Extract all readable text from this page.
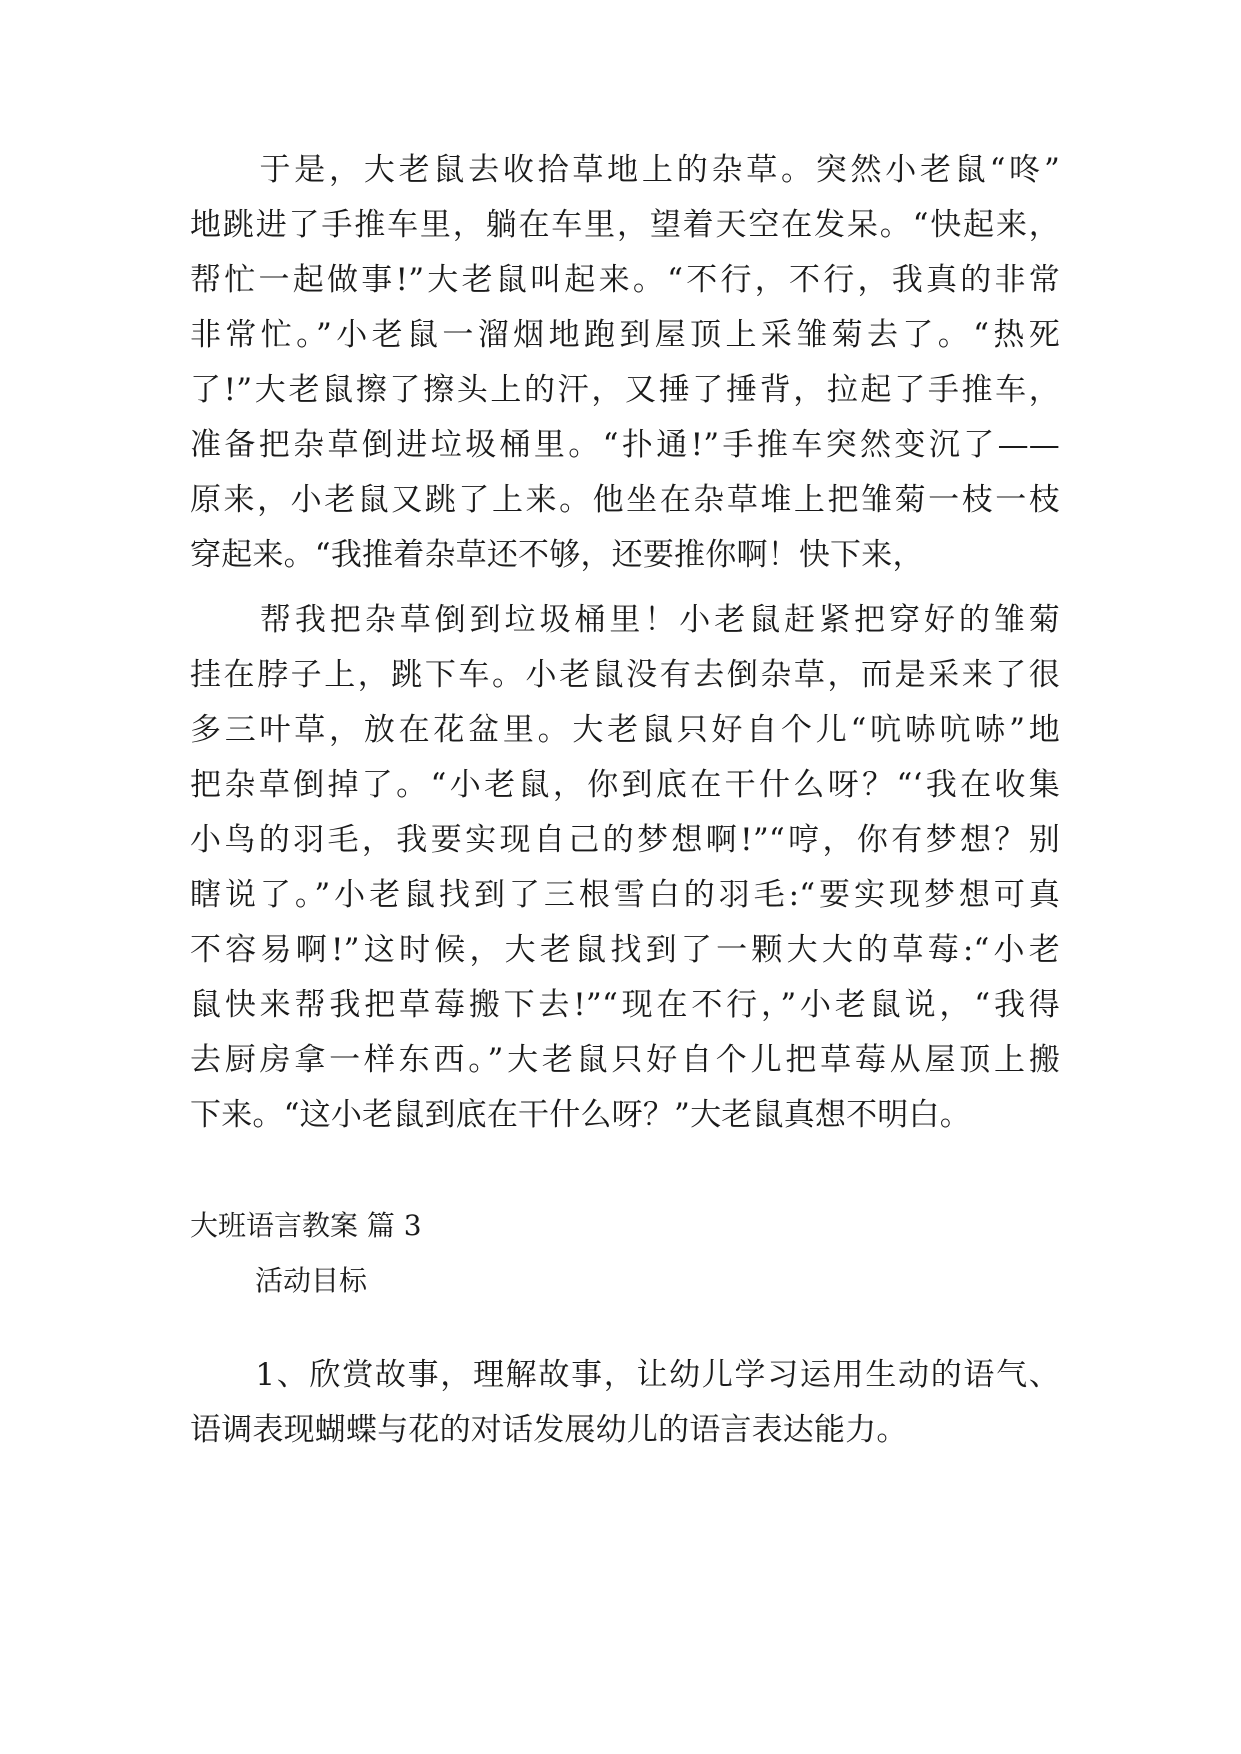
　　于是，大老鼠去收拾草地上的杂草。突然小老鼠“咚”
地跳进了手推车里，躺在车里，望着天空在发呆。“快起来，
帮忙一起做事!”大老鼠叫起来。“不行，不行，我真的非常
非常忙。”小老鼠一溜烟地跑到屋顶上采雏菊去了。“热死
了!”大老鼠擦了擦头上的汗，又捶了捶背，拉起了手推车，
准备把杂草倒进垃圾桶里。“扑通!”手推车突然变沉了——
原来，小老鼠又跳了上来。他坐在杂草堆上把雏菊一枝一枝
穿起来。“我推着杂草还不够，还要推你啊！快下来，
　　帮我把杂草倒到垃圾桶里！小老鼠赶紧把穿好的雏菊
挂在脖子上，跳下车。小老鼠没有去倒杂草，而是采来了很
多三叶草，放在花盆里。大老鼠只好自个儿“吭哧吭哧”地
把杂草倒掉了。“小老鼠，你到底在干什么呀？“‘我在收集
小鸟的羽毛，我要实现自己的梦想啊!”“哼，你有梦想？别
瞎说了。”小老鼠找到了三根雪白的羽毛:“要实现梦想可真
不容易啊!”这时候，大老鼠找到了一颗大大的草莓:“小老
鼠快来帮我把草莓搬下去!”“现在不行，”小老鼠说，“我得
去厨房拿一样东西。”大老鼠只好自个儿把草莓从屋顶上搬
下来。“这小老鼠到底在干什么呀？”大老鼠真想不明白。
大班语言教案 篇 3
活动目标
　　1、欣赏故事，理解故事，让幼儿学习运用生动的语气、
语调表现蝴蝶与花的对话发展幼儿的语言表达能力。
